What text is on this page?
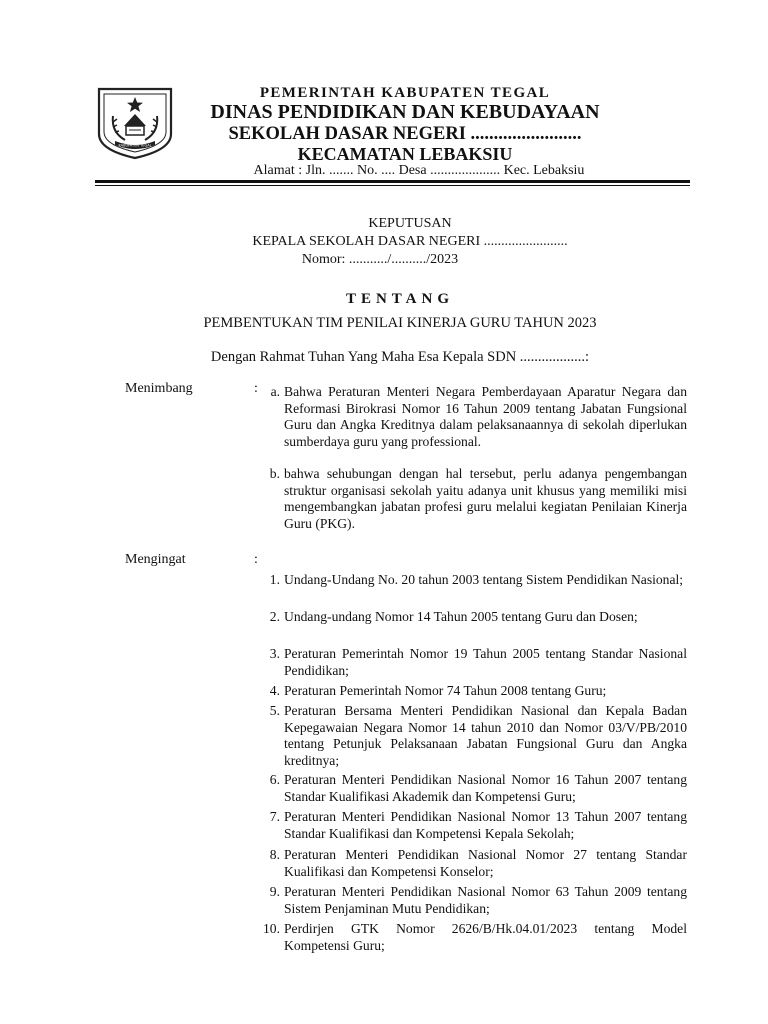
KABUPATEN TEGAL
PEMERINTAH KABUPATEN TEGAL
DINAS PENDIDIKAN DAN KEBUDAYAAN
SEKOLAH DASAR NEGERI ........................
KECAMATAN LEBAKSIU
Alamat : Jln. ....... No. .... Desa .................... Kec. Lebaksiu
KEPUTUSAN
KEPALA SEKOLAH DASAR NEGERI ........................
Nomor: .........../........../2023
TENTANG
PEMBENTUKAN TIM PENILAI KINERJA GURU TAHUN 2023
Dengan Rahmat Tuhan Yang Maha Esa Kepala SDN ..................:
Menimbang	: a. Bahwa Peraturan Menteri Negara Pemberdayaan Aparatur Negara dan Reformasi Birokrasi Nomor 16 Tahun 2009 tentang Jabatan Fungsional Guru dan Angka Kreditnya dalam pelaksanaannya di sekolah diperlukan sumberdaya guru yang professional.
b. bahwa sehubungan dengan hal tersebut, perlu adanya pengembangan struktur organisasi sekolah yaitu adanya unit khusus yang memiliki misi mengembangkan jabatan profesi guru melalui kegiatan Penilaian Kinerja Guru (PKG).
Mengingat	:
1. Undang-Undang No. 20 tahun 2003 tentang Sistem Pendidikan Nasional;
2. Undang-undang Nomor 14 Tahun 2005 tentang Guru dan Dosen;
3. Peraturan Pemerintah Nomor 19 Tahun 2005 tentang Standar Nasional Pendidikan;
4. Peraturan Pemerintah Nomor 74 Tahun 2008 tentang Guru;
5. Peraturan Bersama Menteri Pendidikan Nasional dan Kepala Badan Kepegawaian Negara Nomor 14 tahun 2010 dan Nomor 03/V/PB/2010 tentang Petunjuk Pelaksanaan Jabatan Fungsional Guru dan Angka kreditnya;
6. Peraturan Menteri Pendidikan Nasional Nomor 16 Tahun 2007 tentang Standar Kualifikasi Akademik dan Kompetensi Guru;
7. Peraturan Menteri Pendidikan Nasional Nomor 13 Tahun 2007 tentang Standar Kualifikasi dan Kompetensi Kepala Sekolah;
8. Peraturan Menteri Pendidikan Nasional Nomor 27 tentang Standar Kualifikasi dan Kompetensi Konselor;
9. Peraturan Menteri Pendidikan Nasional Nomor 63 Tahun 2009 tentang Sistem Penjaminan Mutu Pendidikan;
10. Perdirjen GTK Nomor 2626/B/Hk.04.01/2023 tentang Model Kompetensi Guru;
